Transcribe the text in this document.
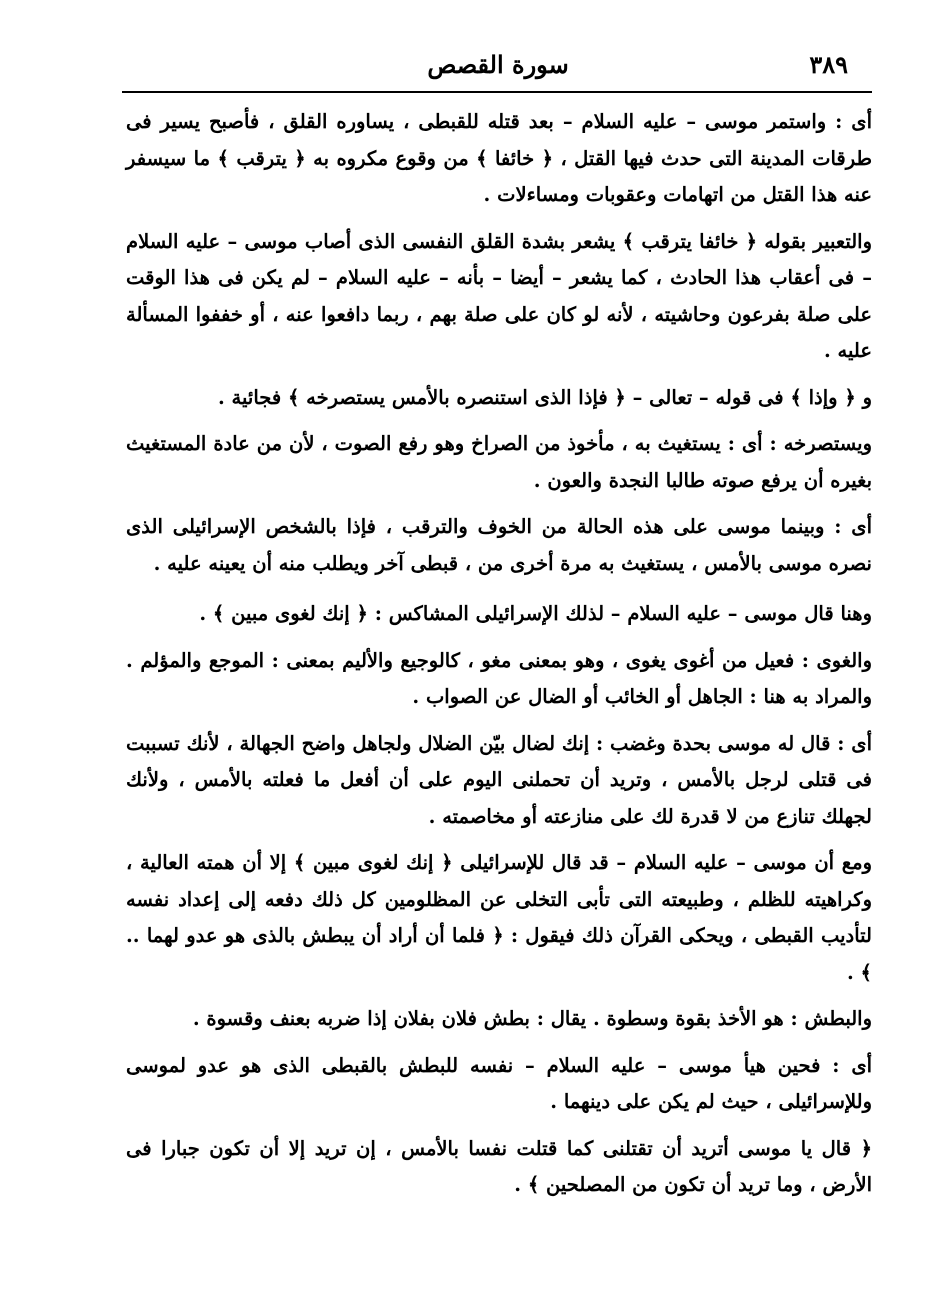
٣٨٩
سورة القصص

أى : واستمر موسى – عليه السلام – بعد قتله للقبطى ، يساوره القلق ، فأصبح يسير فى طرقات المدينة التى حدث فيها القتل ، ﴿ خائفا ﴾ من وقوع مكروه به ﴿ يترقب ﴾ ما سيسفر عنه هذا القتل من اتهامات وعقوبات ومساءلات .

والتعبير بقوله ﴿ خائفا يترقب ﴾ يشعر بشدة القلق النفسى الذى أصاب موسى – عليه السلام – فى أعقاب هذا الحادث ، كما يشعر – أيضا – بأنه – عليه السلام – لم يكن فى هذا الوقت على صلة بفرعون وحاشيته ، لأنه لو كان على صلة بهم ، ربما دافعوا عنه ، أو خففوا المسألة عليه .

و ﴿ وإذا ﴾ فى قوله – تعالى – ﴿ فإذا الذى استنصره بالأمس يستصرخه ﴾ فجائية .

ويستصرخه : أى : يستغيث به ، مأخوذ من الصراخ وهو رفع الصوت ، لأن من عادة المستغيث بغيره أن يرفع صوته طالبا النجدة والعون .

أى : وبينما موسى على هذه الحالة من الخوف والترقب ، فإذا بالشخص الإسرائيلى الذى نصره موسى بالأمس ، يستغيث به مرة أخرى من ، قبطى آخر ويطلب منه أن يعينه عليه .

وهنا قال موسى – عليه السلام – لذلك الإسرائيلى المشاكس : ﴿ إنك لغوى مبين ﴾ .

والغوى : فعيل من أغوى يغوى ، وهو بمعنى مغو ، كالوجيع والأليم بمعنى : الموجع والمؤلم . والمراد به هنا : الجاهل أو الخائب أو الضال عن الصواب .

أى : قال له موسى بحدة وغضب : إنك لضال بيّن الضلال ولجاهل واضح الجهالة ، لأنك تسببت فى قتلى لرجل بالأمس ، وتريد أن تحملنى اليوم على أن أفعل ما فعلته بالأمس ، ولأنك لجهلك تنازع من لا قدرة لك على منازعته أو مخاصمته .

ومع أن موسى – عليه السلام – قد قال للإسرائيلى ﴿ إنك لغوى مبين ﴾ إلا أن همته العالية ، وكراهيته للظلم ، وطبيعته التى تأبى التخلى عن المظلومين كل ذلك دفعه إلى إعداد نفسه لتأديب القبطى ، ويحكى القرآن ذلك فيقول : ﴿ فلما أن أراد أن يبطش بالذى هو عدو لهما .. ﴾ .

والبطش : هو الأخذ بقوة وسطوة . يقال : بطش فلان بفلان إذا ضربه بعنف وقسوة .

أى : فحين هيأ موسى – عليه السلام – نفسه للبطش بالقبطى الذى هو عدو لموسى وللإسرائيلى ، حيث لم يكن على دينهما .

﴿ قال يا موسى أتريد أن تقتلنى كما قتلت نفسا بالأمس ، إن تريد إلا أن تكون جبارا فى الأرض ، وما تريد أن تكون من المصلحين ﴾ .
